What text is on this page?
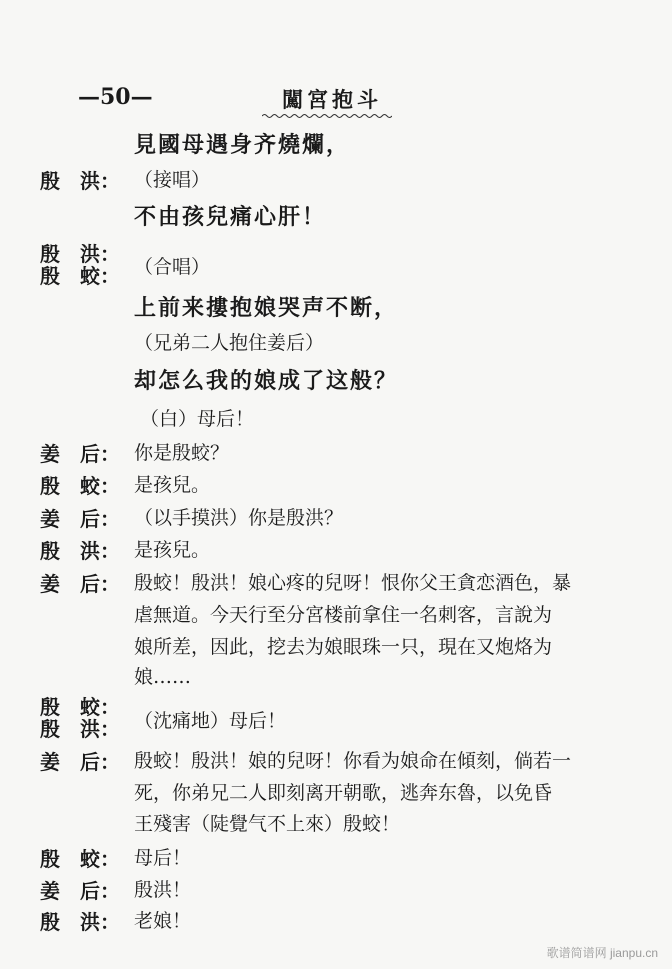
—50—	闖宮抱斗
見國母遇身齐燒爛，
殷　洪： （接唱）
不由孩兒痛心肝！
殷　洪：
殷　蛟： （合唱）
上前来摟抱娘哭声不断，
（兄弟二人抱住姜后）
却怎么我的娘成了这般？
（白）母后！
姜　后： 你是殷蛟？
殷　蛟： 是孩兒。
姜　后： （以手摸洪）你是殷洪？
殷　洪： 是孩兒。
姜　后： 殷蛟！殷洪！娘心疼的兒呀！恨你父王貪恋酒色，暴
虐無道。今天行至分宮楼前拿住一名刺客，言說为
娘所差，因此，挖去为娘眼珠一只，現在又炮烙为
娘……
殷　蛟：
殷　洪： （沈痛地）母后！
姜　后： 殷蛟！殷洪！娘的兒呀！你看为娘命在傾刻，倘若一
死，你弟兄二人即刻离开朝歌，逃奔东魯，以免昏
王殘害（陡覺气不上來）殷蛟！
殷　蛟： 母后！
姜　后： 殷洪！
殷　洪： 老娘！
歌谱简谱网 jianpu.cn
